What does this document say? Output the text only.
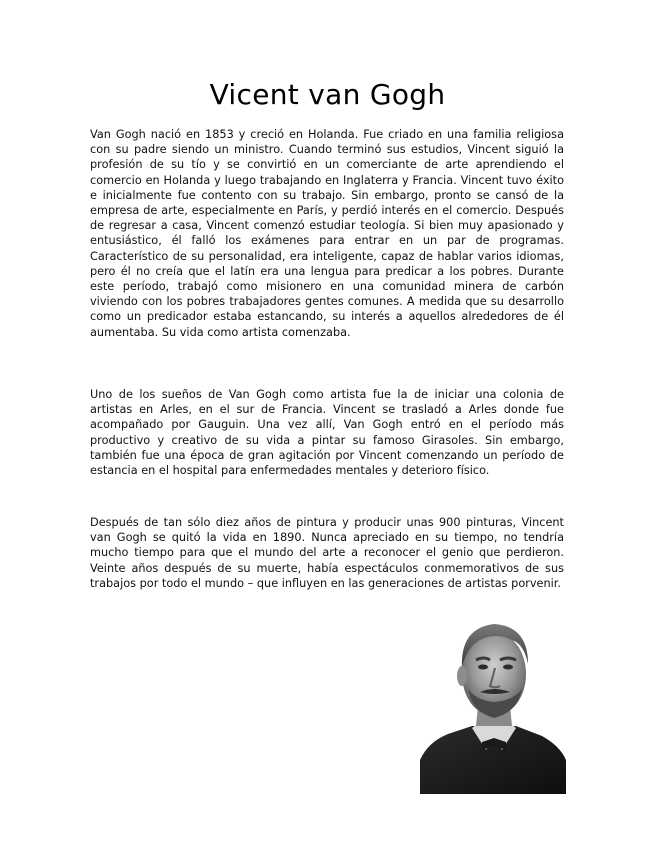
Vicent van Gogh

Van Gogh nació en 1853 y creció en Holanda. Fue criado en una familia religiosa con su padre siendo un ministro. Cuando terminó sus estudios, Vincent siguió la profesión de su tío y se convirtió en un comerciante de arte aprendiendo el comercio en Holanda y luego trabajando en Inglaterra y Francia. Vincent tuvo éxito e inicialmente fue contento con su trabajo. Sin embargo, pronto se cansó de la empresa de arte, especialmente en París, y perdió interés en el comercio. Después de regresar a casa, Vincent comenzó estudiar teología. Si bien muy apasionado y entusiástico, él falló los exámenes para entrar en un par de programas. Característico de su personalidad, era inteligente, capaz de hablar varios idiomas, pero él no creía que el latín era una lengua para predicar a los pobres. Durante este período, trabajó como misionero en una comunidad minera de carbón viviendo con los pobres trabajadores gentes comunes. A medida que su desarrollo como un predicador estaba estancando, su interés a aquellos alrededores de él aumentaba. Su vida como artista comenzaba.

Uno de los sueños de Van Gogh como artista fue la de iniciar una colonia de artistas en Arles, en el sur de Francia. Vincent se trasladó a Arles donde fue acompañado por Gauguin. Una vez allí, Van Gogh entró en el período más productivo y creativo de su vida a pintar su famoso Girasoles. Sin embargo, también fue una época de gran agitación por Vincent comenzando un período de estancia en el hospital para enfermedades mentales y deterioro físico.

Después de tan sólo diez años de pintura y producir unas 900 pinturas, Vincent van Gogh se quitó la vida en 1890. Nunca apreciado en su tiempo, no tendría mucho tiempo para que el mundo del arte a reconocer el genio que perdieron. Veinte años después de su muerte, había espectáculos conmemorativos de sus trabajos por todo el mundo – que influyen en las generaciones de artistas porvenir.
